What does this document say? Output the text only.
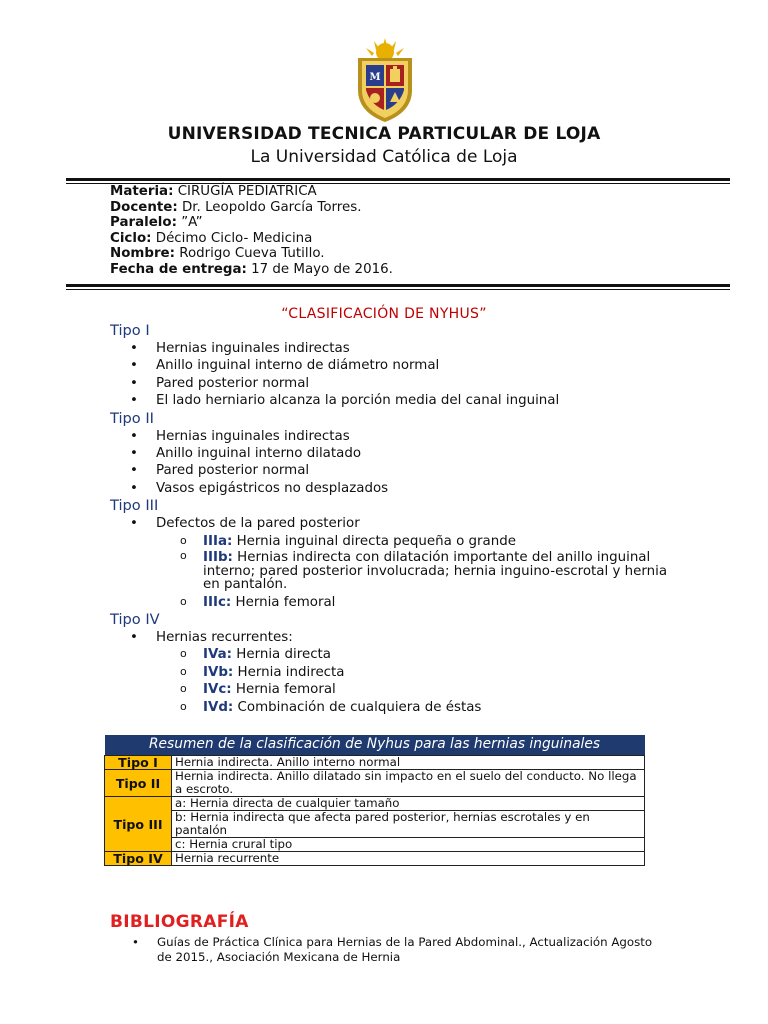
M
UNIVERSIDAD TECNICA PARTICULAR DE LOJA
La Universidad Católica de Loja
Materia: CIRUGÍA PEDIATRICA
Docente: Dr. Leopoldo García Torres.
Paralelo: ”A”
Ciclo: Décimo Ciclo- Medicina
Nombre: Rodrigo Cueva Tutillo.
Fecha de entrega: 17 de Mayo de 2016.
“CLASIFICACIÓN DE NYHUS”
Tipo I
• Hernias inguinales indirectas
• Anillo inguinal interno de diámetro normal
• Pared posterior normal
• El lado herniario alcanza la porción media del canal inguinal
Tipo II
• Hernias inguinales indirectas
• Anillo inguinal interno dilatado
• Pared posterior normal
• Vasos epigástricos no desplazados
Tipo III
• Defectos de la pared posterior
o IIIa: Hernia inguinal directa pequeña o grande
o IIIb: Hernias indirecta con dilatación importante del anillo inguinal interno; pared posterior involucrada; hernia inguino-escrotal y hernia en pantalón.
o IIIc: Hernia femoral
Tipo IV
• Hernias recurrentes:
o IVa: Hernia directa
o IVb: Hernia indirecta
o IVc: Hernia femoral
o IVd: Combinación de cualquiera de éstas
Resumen de la clasificación de Nyhus para las hernias inguinales	
Tipo I	Hernia indirecta. Anillo interno normal
Tipo II	Hernia indirecta. Anillo dilatado sin impacto en el suelo del conducto. No llega a escroto.
Tipo III	a: Hernia directa de cualquier tamaño
	b: Hernia indirecta que afecta pared posterior, hernias escrotales y en pantalón
	c: Hernia crural tipo
Tipo IV	Hernia recurrente
BIBLIOGRAFÍA
• Guías de Práctica Clínica para Hernias de la Pared Abdominal., Actualización Agosto de 2015., Asociación Mexicana de Hernia
